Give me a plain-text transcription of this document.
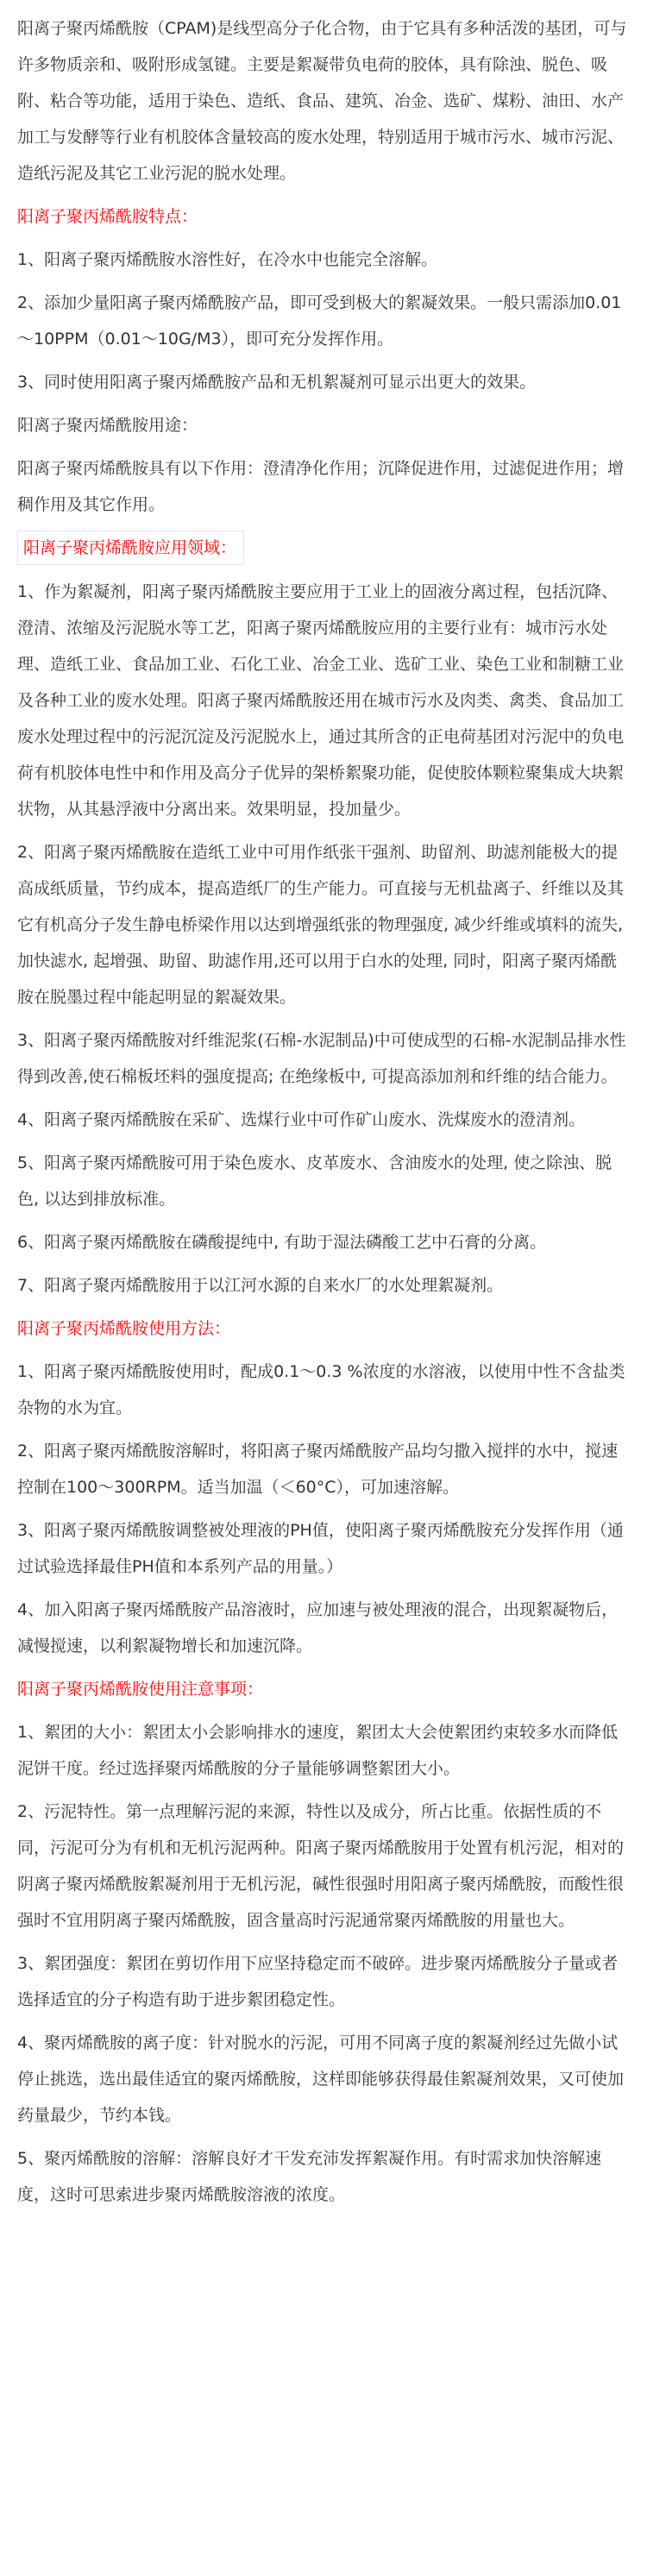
阳离子聚丙烯酰胺（CPAM)是线型高分子化合物，由于它具有多种活泼的基团，可与许多物质亲和、吸附形成氢键。主要是絮凝带负电荷的胶体，具有除浊、脱色、吸附、粘合等功能，适用于染色、造纸、食品、建筑、冶金、选矿、煤粉、油田、水产加工与发酵等行业有机胶体含量较高的废水处理，特别适用于城市污水、城市污泥、造纸污泥及其它工业污泥的脱水处理。
阳离子聚丙烯酰胺特点：
1、阳离子聚丙烯酰胺水溶性好，在冷水中也能完全溶解。
2、添加少量阳离子聚丙烯酰胺产品，即可受到极大的絮凝效果。一般只需添加0.01～10PPM（0.01～10G/M3），即可充分发挥作用。
3、同时使用阳离子聚丙烯酰胺产品和无机絮凝剂可显示出更大的效果。
阳离子聚丙烯酰胺用途：
阳离子聚丙烯酰胺具有以下作用：澄清净化作用；沉降促进作用，过滤促进作用；增稠作用及其它作用。
阳离子聚丙烯酰胺应用领域：
1、作为絮凝剂，阳离子聚丙烯酰胺主要应用于工业上的固液分离过程，包括沉降、澄清、浓缩及污泥脱水等工艺，阳离子聚丙烯酰胺应用的主要行业有：城市污水处理、造纸工业、食品加工业、石化工业、冶金工业、选矿工业、染色工业和制糖工业及各种工业的废水处理。阳离子聚丙烯酰胺还用在城市污水及肉类、禽类、食品加工废水处理过程中的污泥沉淀及污泥脱水上，通过其所含的正电荷基团对污泥中的负电荷有机胶体电性中和作用及高分子优异的架桥絮聚功能，促使胶体颗粒聚集成大块絮状物，从其悬浮液中分离出来。效果明显，投加量少。
2、阳离子聚丙烯酰胺在造纸工业中可用作纸张干强剂、助留剂、助滤剂能极大的提高成纸质量，节约成本，提高造纸厂的生产能力。可直接与无机盐离子、纤维以及其它有机高分子发生静电桥梁作用以达到增强纸张的物理强度, 减少纤维或填料的流失,加快滤水, 起增强、助留、助滤作用,还可以用于白水的处理, 同时，阳离子聚丙烯酰胺在脱墨过程中能起明显的絮凝效果。
3、阳离子聚丙烯酰胺对纤维泥浆(石棉-水泥制品)中可使成型的石棉-水泥制品排水性得到改善,使石棉板坯料的强度提高; 在绝缘板中, 可提高添加剂和纤维的结合能力。
4、阳离子聚丙烯酰胺在采矿、选煤行业中可作矿山废水、洗煤废水的澄清剂。
5、阳离子聚丙烯酰胺可用于染色废水、皮革废水、含油废水的处理, 使之除浊、脱色, 以达到排放标准。
6、阳离子聚丙烯酰胺在磷酸提纯中, 有助于湿法磷酸工艺中石膏的分离。
7、阳离子聚丙烯酰胺用于以江河水源的自来水厂的水处理絮凝剂。
阳离子聚丙烯酰胺使用方法：
1、阳离子聚丙烯酰胺使用时，配成0.1～0.3 %浓度的水溶液，以使用中性不含盐类杂物的水为宜。
2、阳离子聚丙烯酰胺溶解时，将阳离子聚丙烯酰胺产品均匀撒入搅拌的水中，搅速控制在100～300RPM。适当加温（＜60°C），可加速溶解。
3、阳离子聚丙烯酰胺调整被处理液的PH值，使阳离子聚丙烯酰胺充分发挥作用（通过试验选择最佳PH值和本系列产品的用量。）
4、加入阳离子聚丙烯酰胺产品溶液时，应加速与被处理液的混合，出现絮凝物后，减慢搅速，以利絮凝物增长和加速沉降。
阳离子聚丙烯酰胺使用注意事项：
1、絮团的大小：絮团太小会影响排水的速度，絮团太大会使絮团约束较多水而降低泥饼干度。经过选择聚丙烯酰胺的分子量能够调整絮团大小。
2、污泥特性。第一点理解污泥的来源，特性以及成分，所占比重。依据性质的不同，污泥可分为有机和无机污泥两种。阳离子聚丙烯酰胺用于处置有机污泥，相对的阴离子聚丙烯酰胺絮凝剂用于无机污泥，碱性很强时用阳离子聚丙烯酰胺，而酸性很强时不宜用阴离子聚丙烯酰胺，固含量高时污泥通常聚丙烯酰胺的用量也大。
3、絮团强度：絮团在剪切作用下应坚持稳定而不破碎。进步聚丙烯酰胺分子量或者选择适宜的分子构造有助于进步絮团稳定性。
4、聚丙烯酰胺的离子度：针对脱水的污泥，可用不同离子度的絮凝剂经过先做小试停止挑选，选出最佳适宜的聚丙烯酰胺，这样即能够获得最佳絮凝剂效果，又可使加药量最少，节约本钱。
5、聚丙烯酰胺的溶解：溶解良好才干发充沛发挥絮凝作用。有时需求加快溶解速度，这时可思索进步聚丙烯酰胺溶液的浓度。
